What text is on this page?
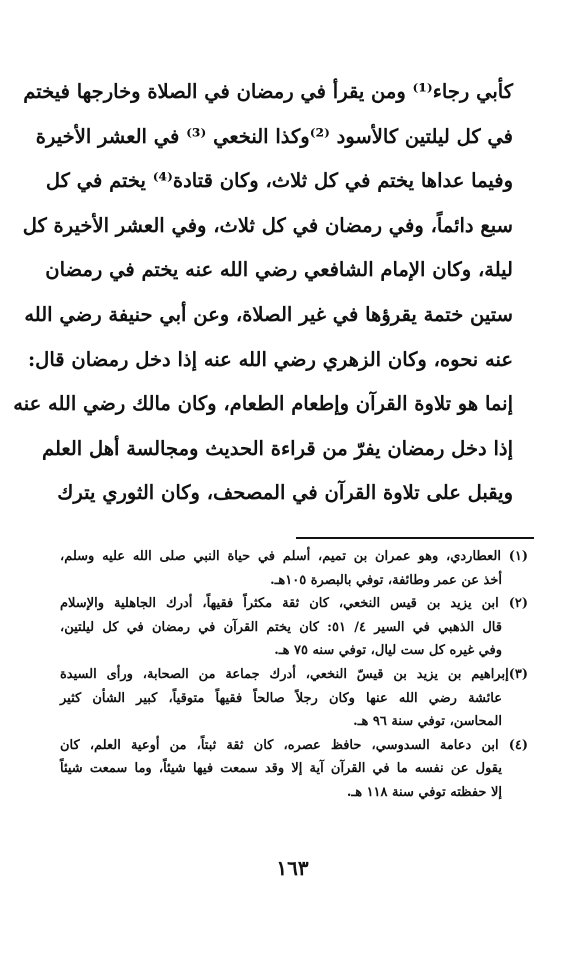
كأبي رجاء⁽¹⁾ ومن يقرأ في رمضان في الصلاة وخارجها فيختم
في كل ليلتين كالأسود ⁽²⁾وكذا النخعي ⁽³⁾ في العشر الأخيرة
وفيما عداها يختم في كل ثلاث، وكان قتادة⁽⁴⁾ يختم في كل
سبع دائماً، وفي رمضان في كل ثلاث، وفي العشر الأخيرة كل
ليلة، وكان الإمام الشافعي رضي الله عنه يختم في رمضان
ستين ختمة يقرؤها في غير الصلاة، وعن أبي حنيفة رضي الله
عنه نحوه، وكان الزهري رضي الله عنه إذا دخل رمضان قال:
إنما هو تلاوة القرآن وإطعام الطعام، وكان مالك رضي الله عنه
إذا دخل رمضان يفرّ من قراءة الحديث ومجالسة أهل العلم
ويقبل على تلاوة القرآن في المصحف، وكان الثوري يترك
(١) العطاردي، وهو عمران بن تميم، أسلم في حياة النبي صلى الله عليه وسلم،
أخذ عن عمر وطائفة، توفي بالبصرة ١٠٥هـ.
(٢) ابن يزيد بن قيس النخعي، كان ثقة مكثراً فقيهاً، أدرك الجاهلية والإسلام
قال الذهبي في السير ٤/ ٥١: كان يختم القرآن في رمضان في كل ليلتين،
وفي غيره كل ست ليال، توفي سنه ٧٥ هـ.
(٣)إبراهيم بن يزيد بن قيسّ النخعي، أدرك جماعة من الصحابة، ورأى السيدة
عائشة رضي الله عنها وكان رجلاً صالحاً فقيهاً متوقياً، كبير الشأن كثير
المحاسن، توفي سنة ٩٦ هـ.
(٤) ابن دعامة السدوسي، حافظ عصره، كان ثقة ثبتاً، من أوعية العلم، كان
يقول عن نفسه ما في القرآن آية إلا وقد سمعت فيها شيئاً، وما سمعت شيئاً
إلا حفظته توفي سنة ١١٨ هـ.
١٦٣
